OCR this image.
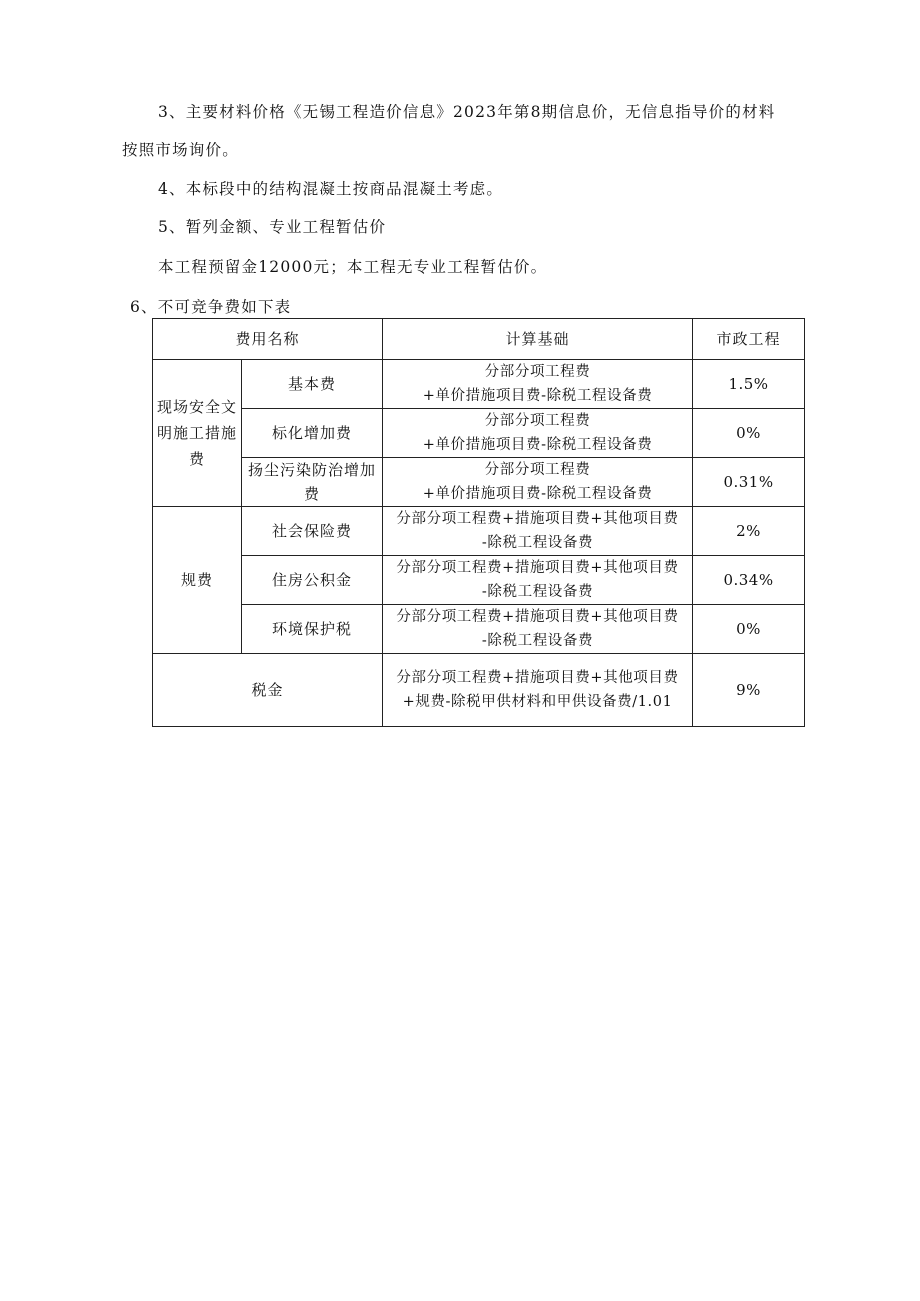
3、主要材料价格《无锡工程造价信息》2023年第8期信息价，无信息指导价的材料
按照市场询价。
4、本标段中的结构混凝土按商品混凝土考虑。
5、暂列金额、专业工程暂估价
本工程预留金12000元；本工程无专业工程暂估价。
6、不可竞争费如下表
费用名称		计算基础	市政工程
现场安全文明施工措施费	基本费	分部分项工程费
+单价措施项目费-除税工程设备费	1.5%
	标化增加费	分部分项工程费
+单价措施项目费-除税工程设备费	0%
	扬尘污染防治增加费	分部分项工程费
+单价措施项目费-除税工程设备费	0.31%
规费	社会保险费	分部分项工程费+措施项目费+其他项目费
-除税工程设备费	2%
	住房公积金	分部分项工程费+措施项目费+其他项目费
-除税工程设备费	0.34%
	环境保护税	分部分项工程费+措施项目费+其他项目费
-除税工程设备费	0%
税金		分部分项工程费+措施项目费+其他项目费
+规费-除税甲供材料和甲供设备费/1.01	9%
